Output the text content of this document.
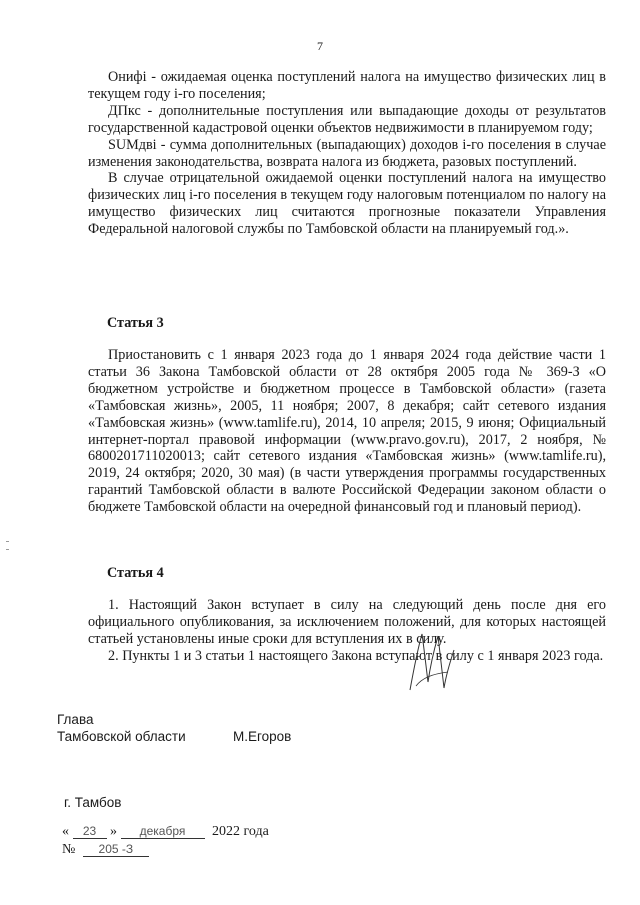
7

Онифi - ожидаемая оценка поступлений налога на имущество физических лиц в текущем году i-го поселения;

ДПкс - дополнительные поступления или выпадающие доходы от результатов государственной кадастровой оценки объектов недвижимости в планируемом году;

SUMдвi - сумма дополнительных (выпадающих) доходов i-го поселения в случае изменения законодательства, возврата налога из бюджета, разовых поступлений.

В случае отрицательной ожидаемой оценки поступлений налога на имущество физических лиц i-го поселения в текущем году налоговым потенциалом по налогу на имущество физических лиц считаются прогнозные показатели Управления Федеральной налоговой службы по Тамбовской области на планируемый год.».

Статья 3

Приостановить с 1 января 2023 года до 1 января 2024 года действие части 1 статьи 36 Закона Тамбовской области от 28 октября 2005 года № 369-З «О бюджетном устройстве и бюджетном процессе в Тамбовской области» (газета «Тамбовская жизнь», 2005, 11 ноября; 2007, 8 декабря; сайт сетевого издания «Тамбовская жизнь» (www.tamlife.ru), 2014, 10 апреля; 2015, 9 июня; Официальный интернет-портал правовой информации (www.pravo.gov.ru), 2017, 2 ноября, № 6800201711020013; сайт сетевого издания «Тамбовская жизнь» (www.tamlife.ru), 2019, 24 октября; 2020, 30 мая) (в части утверждения программы государственных гарантий Тамбовской области в валюте Российской Федерации законом области о бюджете Тамбовской области на очередной финансовый год и плановый период).

Статья 4

1. Настоящий Закон вступает в силу на следующий день после дня его официального опубликования, за исключением положений, для которых настоящей статьей установлены иные сроки для вступления их в силу.

2. Пункты 1 и 3 статьи 1 настоящего Закона вступают в силу с 1 января 2023 года.

Глава
Тамбовской области	М.Егоров
г. Тамбов
« 23 » декабря 2022 года
№ 205 -З
